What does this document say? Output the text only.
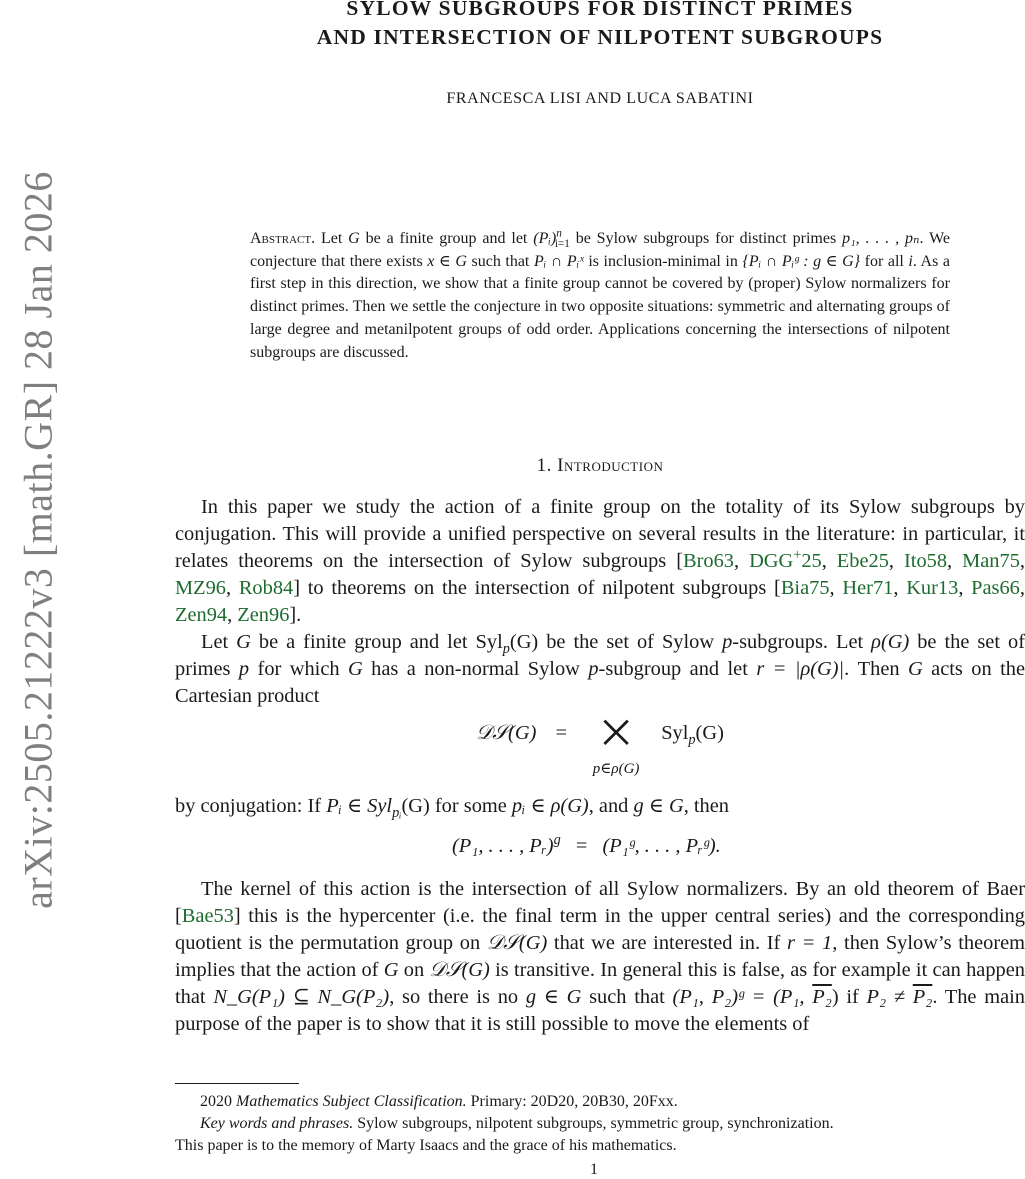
arXiv:2505.21222v3 [math.GR] 28 Jan 2026
SYLOW SUBGROUPS FOR DISTINCT PRIMES
AND INTERSECTION OF NILPOTENT SUBGROUPS
FRANCESCA LISI AND LUCA SABATINI
Abstract. Let G be a finite group and let (Pᵢ)$^n_{i=1}$ be Sylow subgroups for distinct primes p₁, . . . , pₙ. We conjecture that there exists x ∈ G such that Pᵢ ∩ Pᵢˣ is inclusion-minimal in {Pᵢ ∩ Pᵢᵍ : g ∈ G} for all i. As a first step in this direction, we show that a finite group cannot be covered by (proper) Sylow normalizers for distinct primes. Then we settle the conjecture in two opposite situations: symmetric and alternating groups of large degree and metanilpotent groups of odd order. Applications concerning the intersections of nilpotent subgroups are discussed.
1. Introduction
In this paper we study the action of a finite group on the totality of its Sylow subgroups by conjugation. This will provide a unified perspective on several results in the literature: in particular, it relates theorems on the intersection of Sylow subgroups [Bro63, DGG+25, Ebe25, Ito58, Man75, MZ96, Rob84] to theorems on the intersection of nilpotent subgroups [Bia75, Her71, Kur13, Pas66, Zen94, Zen96].
Let G be a finite group and let Syl$_p$(G) be the set of Sylow p-subgroups. Let ρ(G) be the set of primes p for which G has a non-normal Sylow p-subgroup and let r = |ρ(G)|. Then G acts on the Cartesian product
𝒟𝒮(G) = ⨉
p∈ρ(G)
Syl$_p$(G)
by conjugation: If Pᵢ ∈ Syl$_{pᵢ}$(G) for some pᵢ ∈ ρ(G), and g ∈ G, then
(P₁, . . . , Pᵣ)$^g$ = (P₁ᵍ, . . . , Pᵣᵍ).
The kernel of this action is the intersection of all Sylow normalizers. By an old theorem of Baer [Bae53] this is the hypercenter (i.e. the final term in the upper central series) and the corresponding quotient is the permutation group on 𝒟𝒮(G) that we are interested in. If r = 1, then Sylow’s theorem implies that the action of G on 𝒟𝒮(G) is transitive. In general this is false, as for example it can happen that N_G(P₁) ⊆ N_G(P₂), so there is no g ∈ G such that (P₁, P₂)ᵍ = (P₁, P₂) if P₂ ≠ P₂. The main purpose of the paper is to show that it is still possible to move the elements of
2020 Mathematics Subject Classification. Primary: 20D20, 20B30, 20Fxx.
Key words and phrases. Sylow subgroups, nilpotent subgroups, symmetric group, synchronization.
This paper is to the memory of Marty Isaacs and the grace of his mathematics.
1
